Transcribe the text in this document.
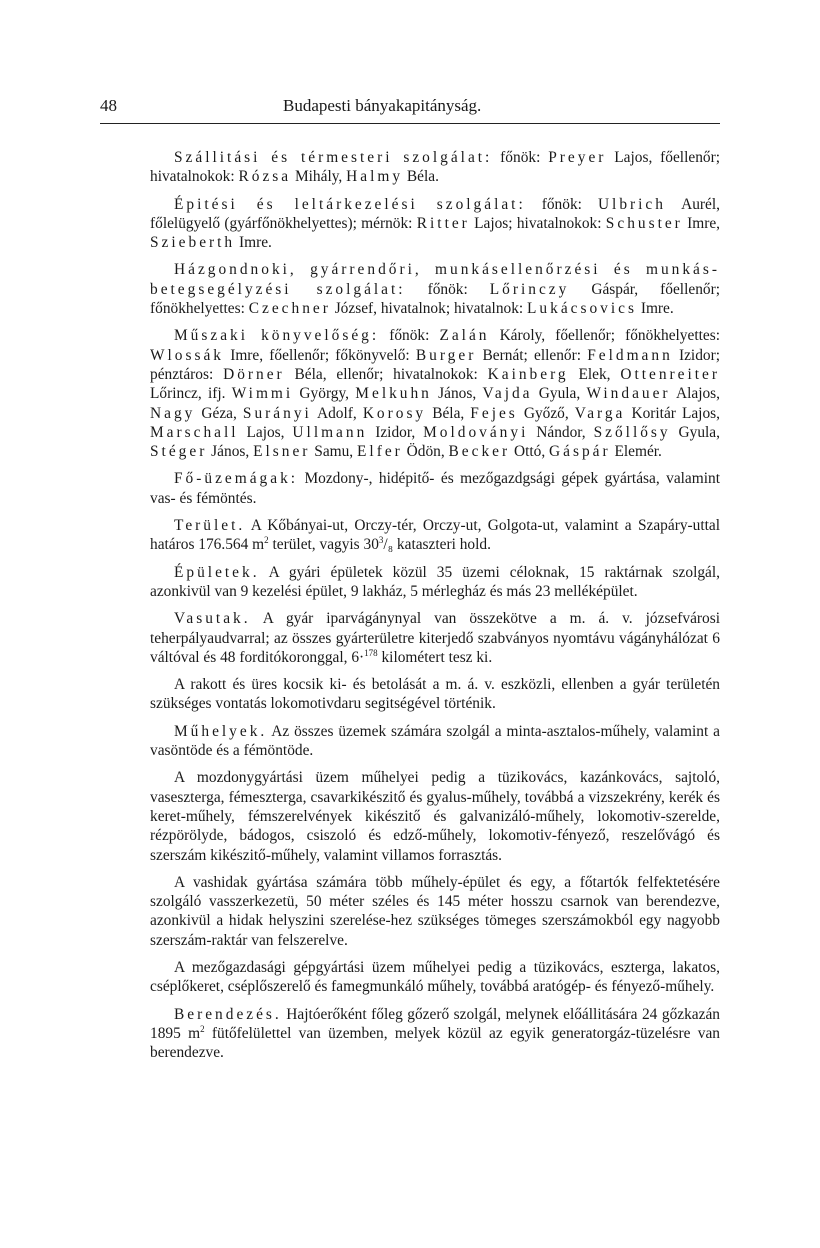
48	Budapesti bányakapitányság.

Szállitási és térmesteri szolgálat: főnök: Preyer Lajos, főellenőr; hivatalnokok: Rózsa Mihály, Halmy Béla.

Épitési és leltárkezelési szolgálat: főnök: Ulbrich Aurél, főlelügyelő (gyárfőnökhelyettes); mérnök: Ritter Lajos; hivatalnokok: Schuster Imre, Szieberth Imre.

Házgondnoki, gyárrendőri, munkásellenőrzési és munkás-betegsegélyzési szolgálat: főnök: Lőrinczy Gáspár, főellenőr; főnökhelyettes: Czechner József, hivatalnok; hivatalnok: Lukácsovics Imre.

Műszaki könyvelőség: főnök: Zalán Károly, főellenőr; főnökhelyettes: Wlossák Imre, főellenőr; főkönyvelő: Burger Bernát; ellenőr: Feldmann Izidor; pénztáros: Dörner Béla, ellenőr; hivatalnokok: Kainberg Elek, Ottenreiter Lőrincz, ifj. Wimmi György, Melkuhn János, Vajda Gyula, Windauer Alajos, Nagy Géza, Surányi Adolf, Korosy Béla, Fejes Győző, Varga Koritár Lajos, Marschall Lajos, Ullmann Izidor, Moldoványi Nándor, Szőllősy Gyula, Stéger János, Elsner Samu, Elfer Ödön, Becker Ottó, Gáspár Elemér.

Fő-üzemágak: Mozdony-, hidépitő- és mezőgazdgsági gépek gyártása, valamint vas- és fémöntés.

Terület. A Kőbányai-ut, Orczy-tér, Orczy-ut, Golgota-ut, valamint a Szapáry-uttal határos 176.564 $m^2$ terület, vagyis $30^3/_8$ kataszteri hold.

Épületek. A gyári épületek közül 35 üzemi céloknak, 15 raktárnak szolgál, azonkivül van 9 kezelési épület, 9 lakház, 5 mérlegház és más 23 melléképület.

Vasutak. A gyár iparvágánynyal van összekötve a m. á. v. józsefvárosi teherpályaudvarral; az összes gyárterületre kiterjedő szabványos nyomtávu vágányhálózat 6 váltóval és 48 forditókoronggal, 6·$^{178}$ kilométert tesz ki.

A rakott és üres kocsik ki- és betolását a m. á. v. eszközli, ellenben a gyár területén szükséges vontatás lokomotivdaru segitségével történik.

Műhelyek. Az összes üzemek számára szolgál a minta-asztalos-műhely, valamint a vasöntöde és a fémöntöde.

A mozdonygyártási üzem műhelyei pedig a tüzikovács, kazánkovács, sajtoló, vaseszterga, fémeszterga, csavarkikészitő és gyalus-műhely, továbbá a vizszekrény, kerék és keret-műhely, fémszerelvények kikészitő és galvanizáló-műhely, lokomotiv-szerelde, rézpörölyde, bádogos, csiszoló és edző-műhely, lokomotiv-fényező, reszelővágó és szerszám kikészitő-műhely, valamint villamos forrasztás.

A vashidak gyártása számára több műhely-épület és egy, a főtartók felfektetésére szolgáló vasszerkezetü, 50 méter széles és 145 méter hosszu csarnok van berendezve, azonkivül a hidak helyszini szerelése-hez szükséges tömeges szerszámokból egy nagyobb szerszám-raktár van felszerelve.

A mezőgazdasági gépgyártási üzem műhelyei pedig a tüzikovács, eszterga, lakatos, cséplőkeret, cséplőszerelő és famegmunkáló műhely, továbbá aratógép- és fényező-műhely.

Berendezés. Hajtóerőként főleg gőzerő szolgál, melynek előállitására 24 gőzkazán 1895 $m^2$ fütőfelülettel van üzemben, melyek közül az egyik generatorgáz-tüzelésre van berendezve.
